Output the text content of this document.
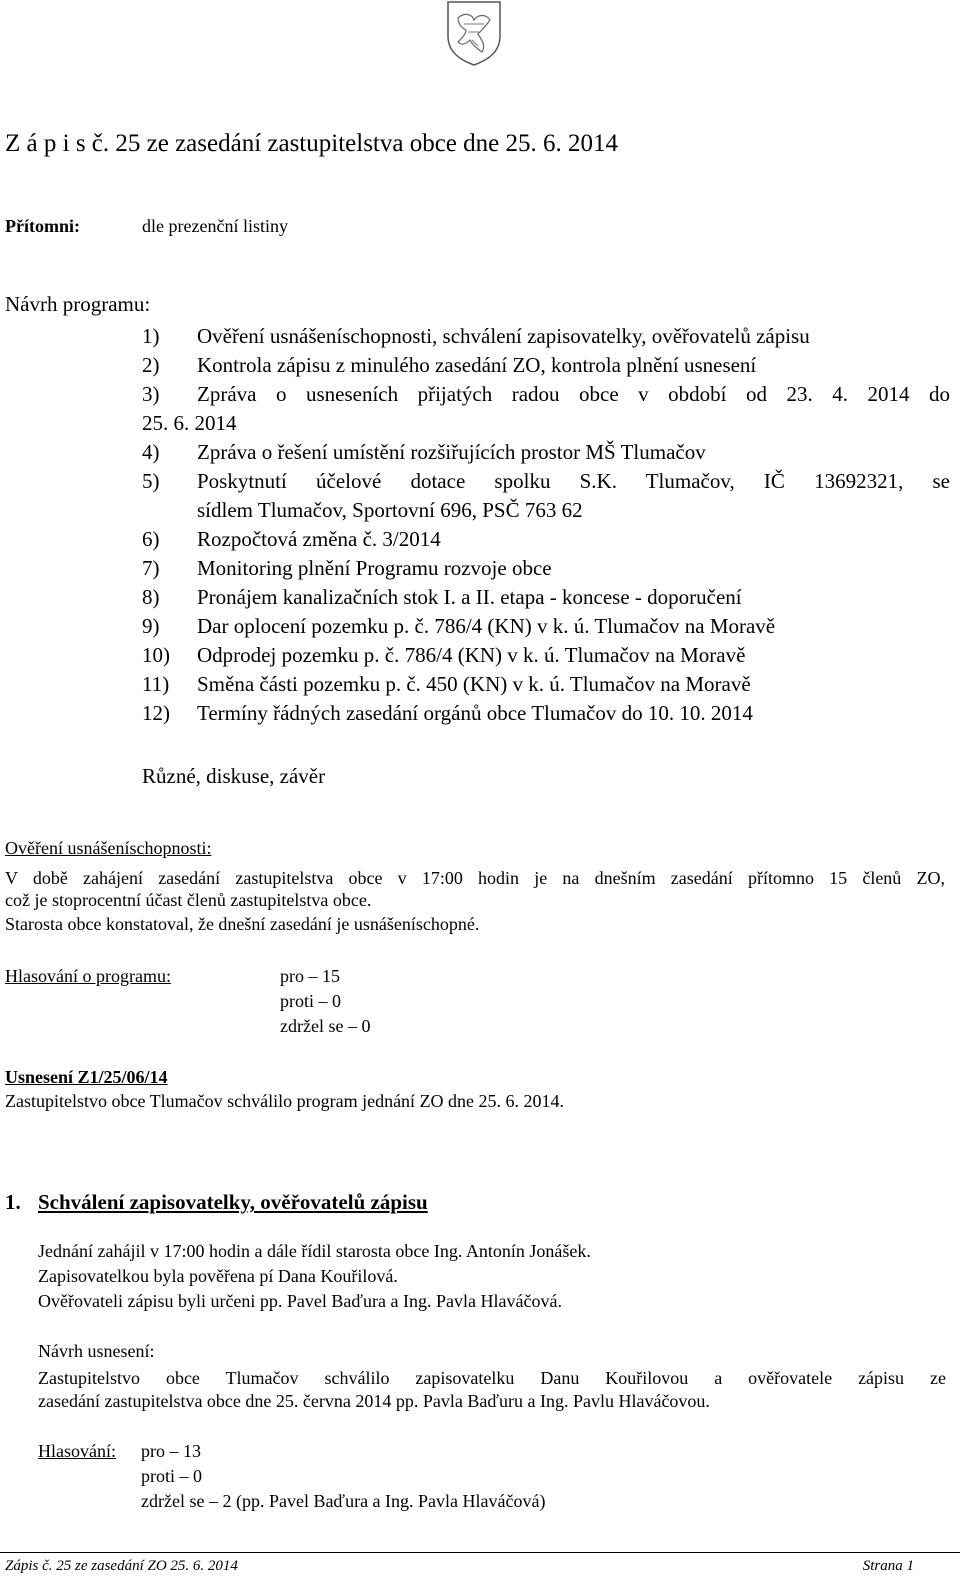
Z á p i s č. 25 ze zasedání zastupitelstva obce dne 25. 6. 2014
Přítomni:	dle prezenční listiny
Návrh programu:
1) Ověření usnášeníschopnosti, schválení zapisovatelky, ověřovatelů zápisu
2) Kontrola zápisu z minulého zasedání ZO, kontrola plnění usnesení
3) Zpráva o usneseních přijatých radou obce v období od 23. 4. 2014 do
25. 6. 2014
4) Zpráva o řešení umístění rozšiřujících prostor MŠ Tlumačov
5) Poskytnutí účelové dotace spolku S.K. Tlumačov, IČ 13692321, se
sídlem Tlumačov, Sportovní 696, PSČ 763 62
6) Rozpočtová změna č. 3/2014
7) Monitoring plnění Programu rozvoje obce
8) Pronájem kanalizačních stok I. a II. etapa - koncese - doporučení
9) Dar oplocení pozemku p. č. 786/4 (KN) v k. ú. Tlumačov na Moravě
10) Odprodej pozemku p. č. 786/4 (KN) v k. ú. Tlumačov na Moravě
11) Směna části pozemku p. č. 450 (KN) v k. ú. Tlumačov na Moravě
12) Termíny řádných zasedání orgánů obce Tlumačov do 10. 10. 2014
Různé, diskuse, závěr
Ověření usnášeníschopnosti:
V době zahájení zasedání zastupitelstva obce v 17:00 hodin je na dnešním zasedání přítomno 15 členů ZO,
což je stoprocentní účast členů zastupitelstva obce.
Starosta obce konstatoval, že dnešní zasedání je usnášeníschopné.
Hlasování o programu:	pro – 15
proti – 0
zdržel se – 0
Usnesení Z1/25/06/14
Zastupitelstvo obce Tlumačov schválilo program jednání ZO dne 25. 6. 2014.
1. Schválení zapisovatelky, ověřovatelů zápisu
Jednání zahájil v 17:00 hodin a dále řídil starosta obce Ing. Antonín Jonášek.
Zapisovatelkou byla pověřena pí Dana Kouřilová.
Ověřovateli zápisu byli určeni pp. Pavel Baďura a Ing. Pavla Hlaváčová.
Návrh usnesení:
Zastupitelstvo obce Tlumačov schválilo zapisovatelku Danu Kouřilovou a ověřovatele zápisu ze
zasedání zastupitelstva obce dne 25. června 2014 pp. Pavla Baďuru a Ing. Pavlu Hlaváčovou.
Hlasování: pro – 13
proti – 0
zdržel se – 2 (pp. Pavel Baďura a Ing. Pavla Hlaváčová)
Zápis č. 25 ze zasedání ZO 25. 6. 2014	Strana 1
